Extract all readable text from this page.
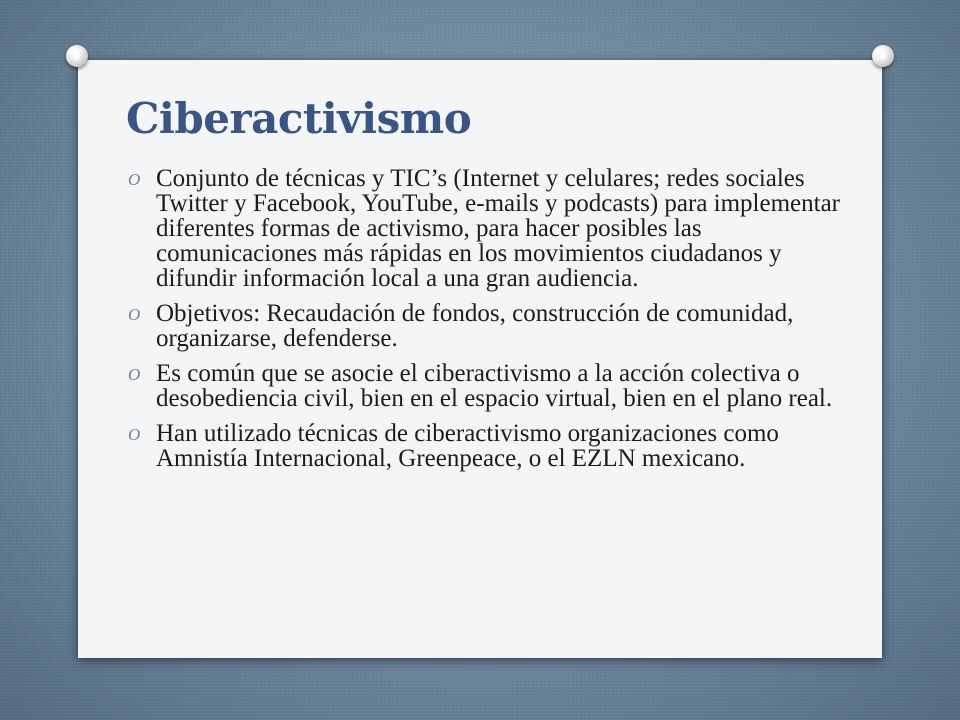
Ciberactivismo
O Conjunto de técnicas y TIC’s (Internet y celulares; redes sociales Twitter y Facebook, YouTube, e-mails y podcasts) para implementar diferentes formas de activismo, para hacer posibles las comunicaciones más rápidas en los movimientos ciudadanos y difundir información local a una gran audiencia.
O Objetivos: Recaudación de fondos, construcción de comunidad, organizarse, defenderse.
O Es común que se asocie el ciberactivismo a la acción colectiva o desobediencia civil, bien en el espacio virtual, bien en el plano real.
O Han utilizado técnicas de ciberactivismo organizaciones como Amnistía Internacional, Greenpeace, o el EZLN mexicano.
